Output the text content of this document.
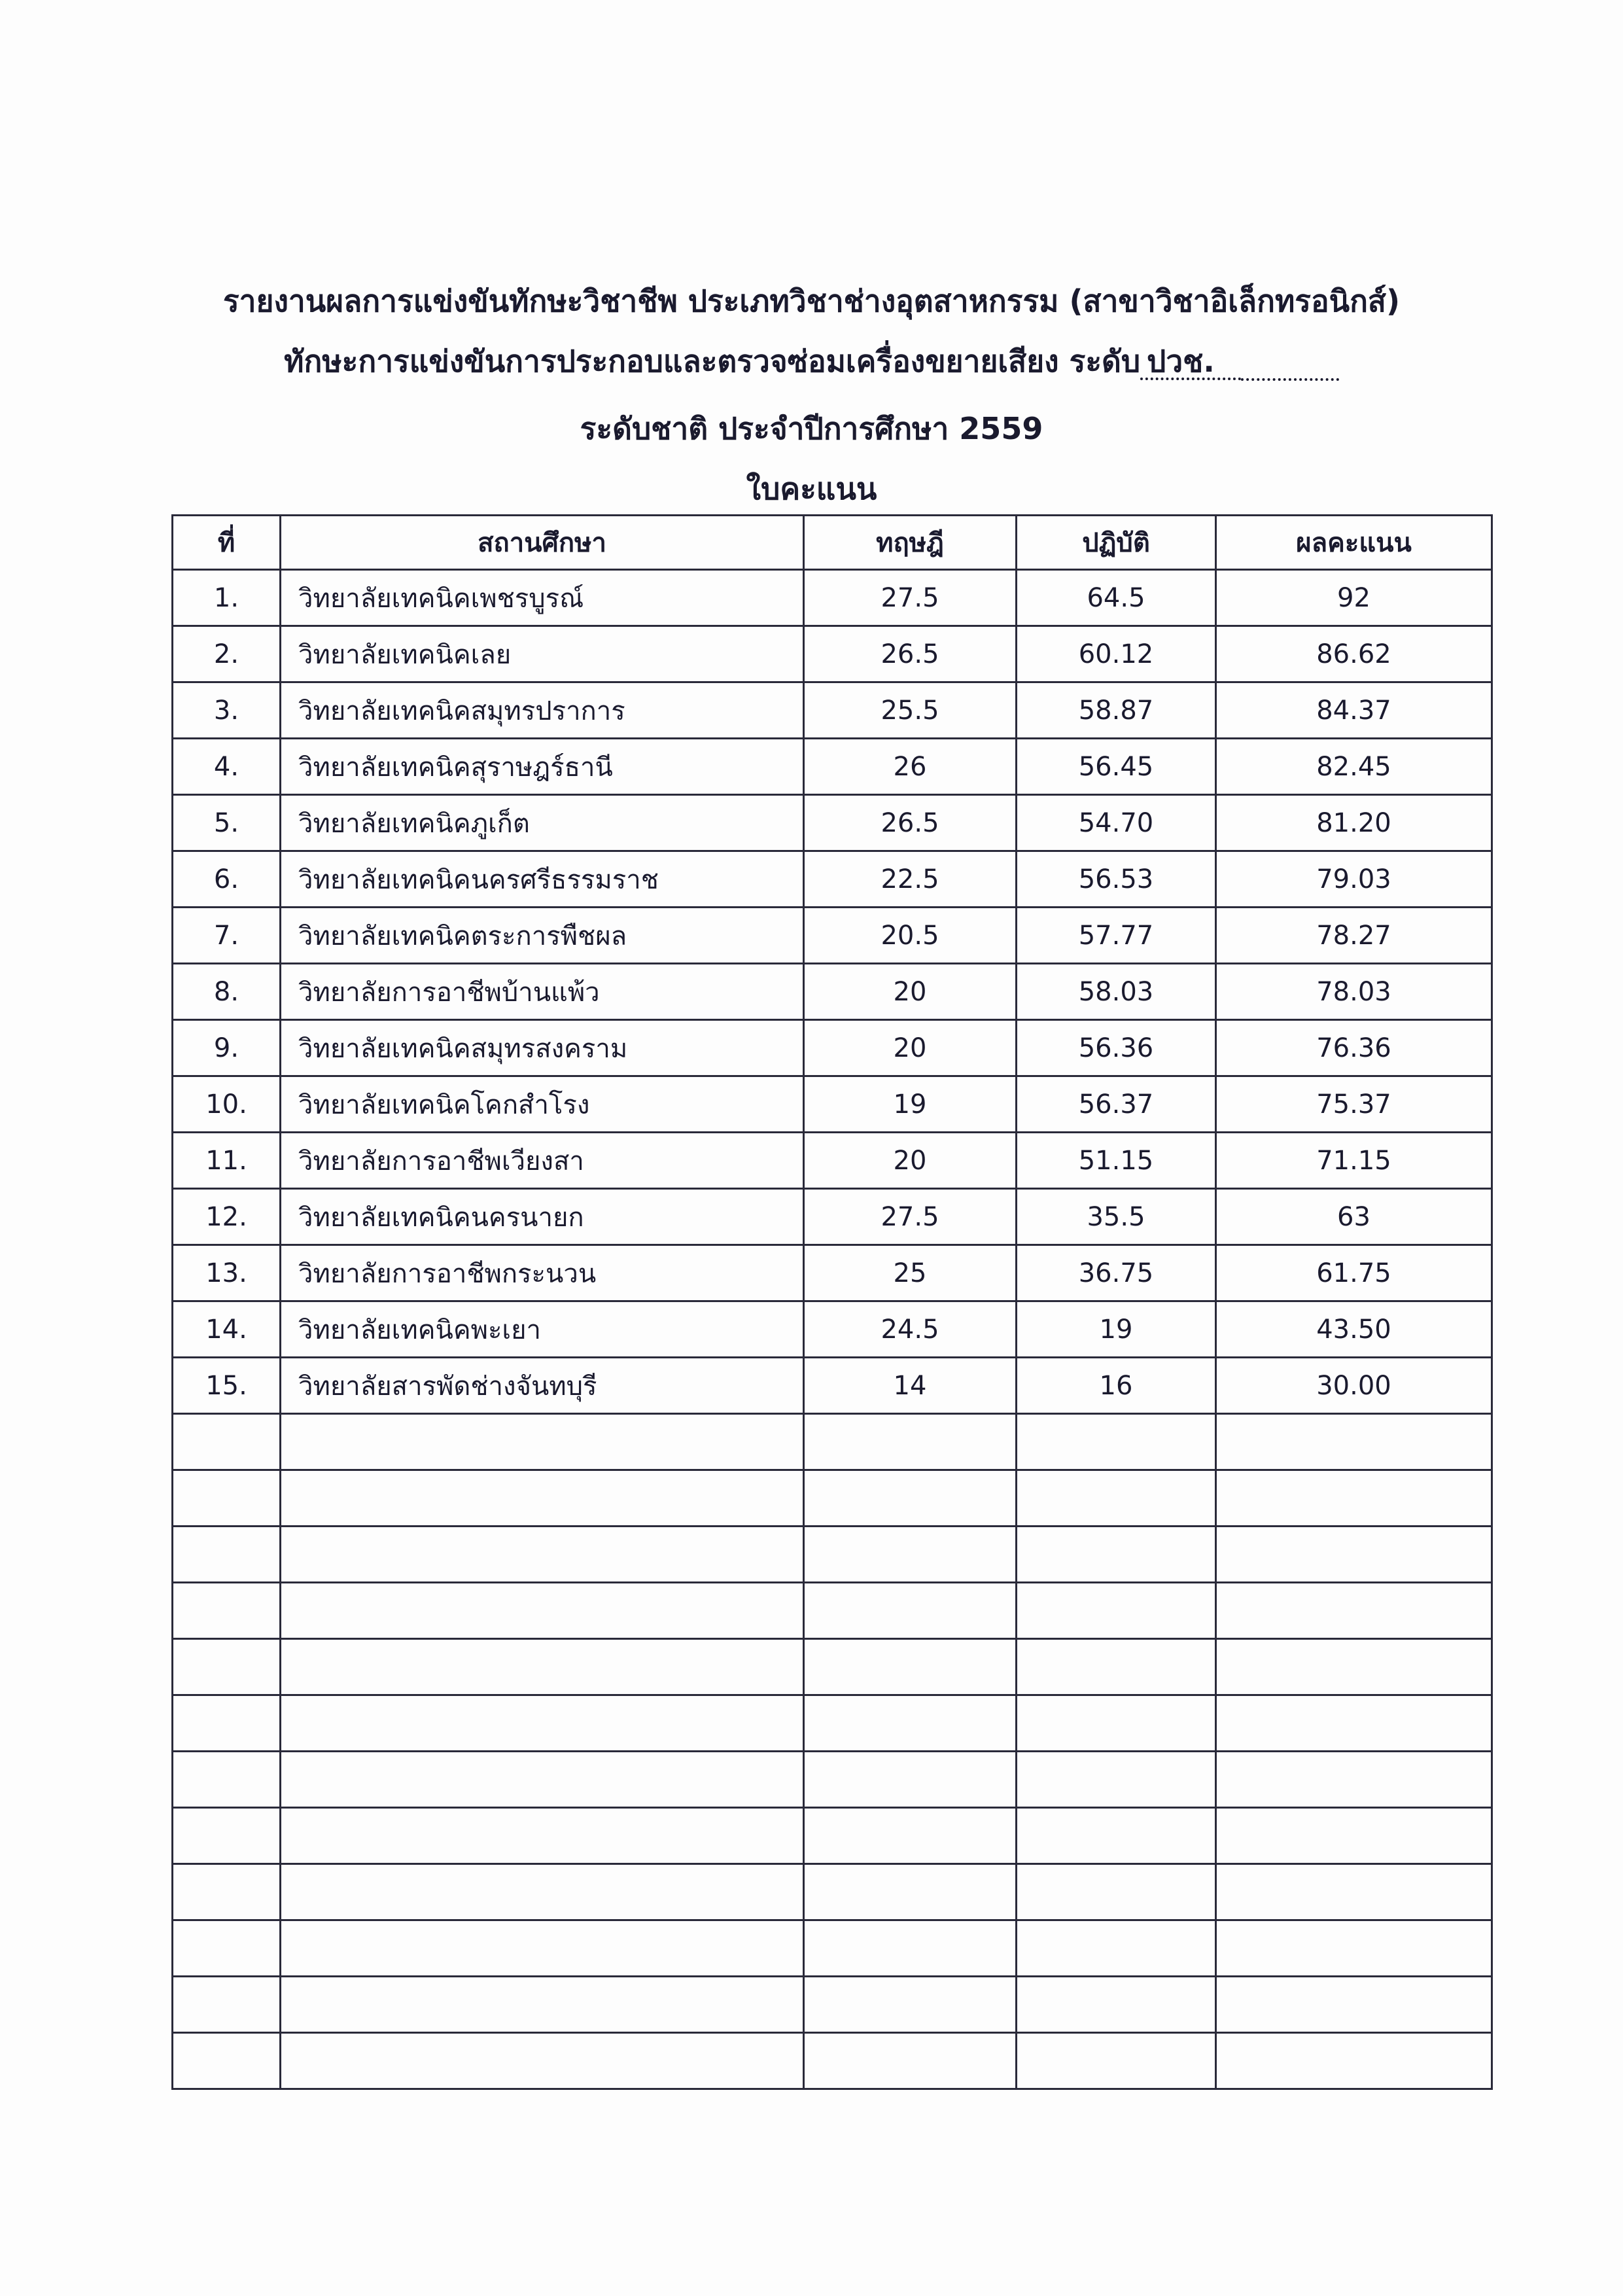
รายงานผลการแข่งขันทักษะวิชาชีพ ประเภทวิชาช่างอุตสาหกรรม (สาขาวิชาอิเล็กทรอนิกส์)
ทักษะการแข่งขันการประกอบและตรวจซ่อมเครื่องขยายเสียง ระดับ ปวช.
ระดับชาติ ประจำปีการศึกษา 2559
ใบคะแนน
ที่	สถานศึกษา	ทฤษฎี	ปฏิบัติ	ผลคะแนน
1.	วิทยาลัยเทคนิคเพชรบูรณ์	27.5	64.5	92
2.	วิทยาลัยเทคนิคเลย	26.5	60.12	86.62
3.	วิทยาลัยเทคนิคสมุทรปราการ	25.5	58.87	84.37
4.	วิทยาลัยเทคนิคสุราษฎร์ธานี	26	56.45	82.45
5.	วิทยาลัยเทคนิคภูเก็ต	26.5	54.70	81.20
6.	วิทยาลัยเทคนิคนครศรีธรรมราช	22.5	56.53	79.03
7.	วิทยาลัยเทคนิคตระการพืชผล	20.5	57.77	78.27
8.	วิทยาลัยการอาชีพบ้านแพ้ว	20	58.03	78.03
9.	วิทยาลัยเทคนิคสมุทรสงคราม	20	56.36	76.36
10.	วิทยาลัยเทคนิคโคกสำโรง	19	56.37	75.37
11.	วิทยาลัยการอาชีพเวียงสา	20	51.15	71.15
12.	วิทยาลัยเทคนิคนครนายก	27.5	35.5	63
13.	วิทยาลัยการอาชีพกระนวน	25	36.75	61.75
14.	วิทยาลัยเทคนิคพะเยา	24.5	19	43.50
15.	วิทยาลัยสารพัดช่างจันทบุรี	14	16	30.00
